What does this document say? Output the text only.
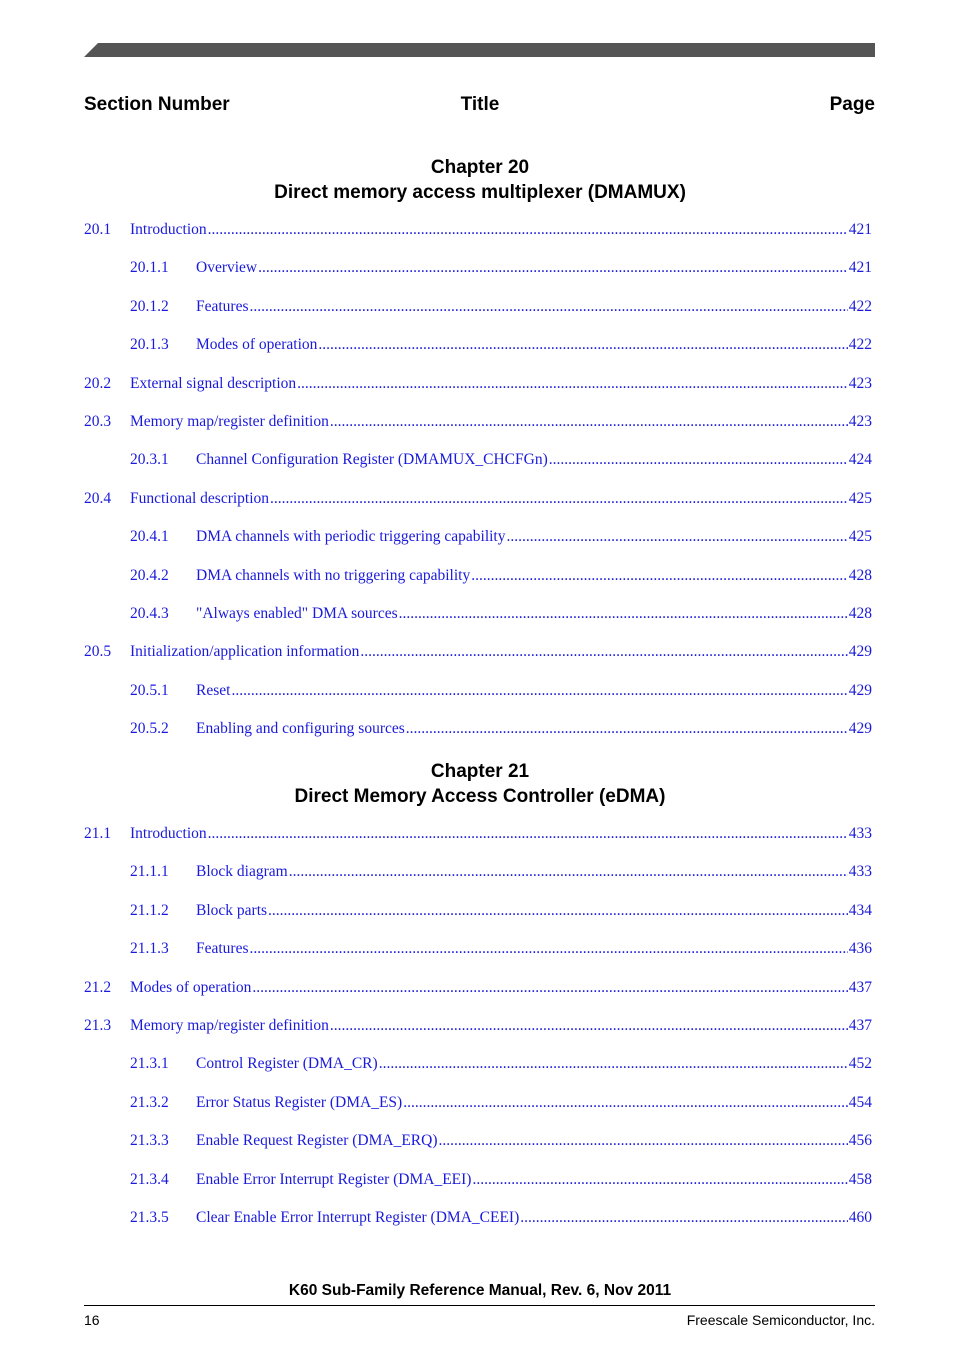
Section Number	Title	Page
Chapter 20
Direct memory access multiplexer (DMAMUX)
20.1 Introduction .....	421
20.1.1 Overview .....	421
20.1.2 Features .....	422
20.1.3 Modes of operation .....	422
20.2 External signal description .....	423
20.3 Memory map/register definition .....	423
20.3.1 Channel Configuration Register (DMAMUX_CHCFGn) .....	424
20.4 Functional description .....	425
20.4.1 DMA channels with periodic triggering capability .....	425
20.4.2 DMA channels with no triggering capability .....	428
20.4.3 "Always enabled" DMA sources .....	428
20.5 Initialization/application information .....	429
20.5.1 Reset .....	429
20.5.2 Enabling and configuring sources .....	429
Chapter 21
Direct Memory Access Controller (eDMA)
21.1 Introduction .....	433
21.1.1 Block diagram .....	433
21.1.2 Block parts .....	434
21.1.3 Features .....	436
21.2 Modes of operation .....	437
21.3 Memory map/register definition .....	437
21.3.1 Control Register (DMA_CR) .....	452
21.3.2 Error Status Register (DMA_ES) .....	454
21.3.3 Enable Request Register (DMA_ERQ) .....	456
21.3.4 Enable Error Interrupt Register (DMA_EEI) .....	458
21.3.5 Clear Enable Error Interrupt Register (DMA_CEEI) .....	460
K60 Sub-Family Reference Manual, Rev. 6, Nov 2011
16	Freescale Semiconductor, Inc.
